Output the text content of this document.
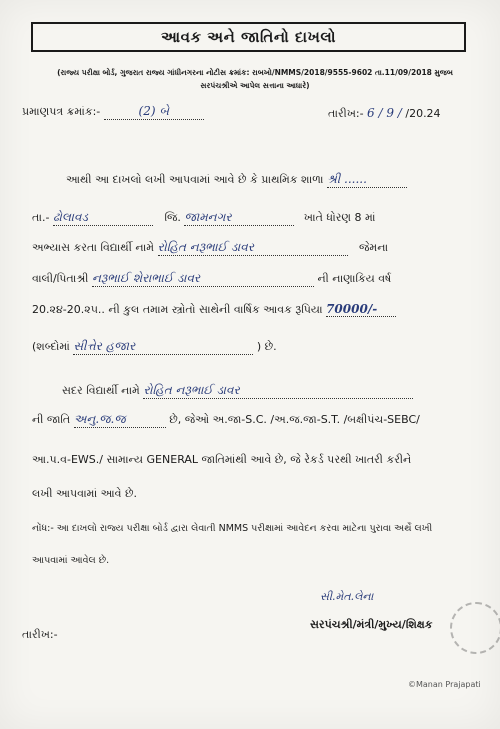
આવક અને જાતિનો દાખલો
(રાજ્ય પરીક્ષા બોર્ડ, ગુજરાત રાજ્ય ગાંધીનગરના નોટીસ ક્રમાંક: રાબખો/NMMS/2018/9555-9602 તા.11/09/2018 મુજબ
સરપંચશ્રીએ આપેલ સત્તાના આધારે)
પ્રમાણપત્ર ક્રમાંક:-	(2) બે	તારીખ:- 6 / 9 / /20.24
આથી આ દાખલો લખી આપવામાં આવે છે કે પ્રાથમિક શાળા શ્રી ......
તા.- ઢોલાવડ	જિ. જામનગર	ખાતે ધોરણ 8 માં
અભ્યાસ કરતા વિદ્યાર્થી નામે રોહિત નરૂભાઈ ડાવર	જેમના
વાલી/પિતાશ્રી નરૂભાઈ શેરાભાઈ ડાવર	ની નાણાકિય વર્ષ
20.૨૪-20.૨૫.. ની કુલ તમામ સ્ત્રોતો સાથેની વાર્ષિક આવક રૂપિયા 70000/-
(શબ્દોમાં સીત્તેર હજાર	) છે.
સદર વિદ્યાર્થી નામે રોહિત નરૂભાઈ ડાવર
ની જાતિ અનુ.જ.જ	છે, જેઓ અ.જા-S.C. /અ.જ.જા-S.T. /બક્ષીપંચ-SEBC/
આ.પ.વ-EWS./ સામાન્ય GENERAL જાતિમાંથી આવે છે, જે રેકર્ડ પરથી ખાતરી કરીને
લખી આપવામાં આવે છે.
નોંધ:- આ દાખલો રાજ્ય પરીક્ષા બોર્ડ દ્વારા લેવાતી NMMS પરીક્ષામાં આવેદન કરવા માટેના પુરાવા અર્થે લખી
આપવામાં આવેલ છે.
તારીખ:-
સી.મેત.લેના
સરપંચશ્રી/મંત્રી/મુખ્ય/શિક્ષક
©Manan Prajapati
